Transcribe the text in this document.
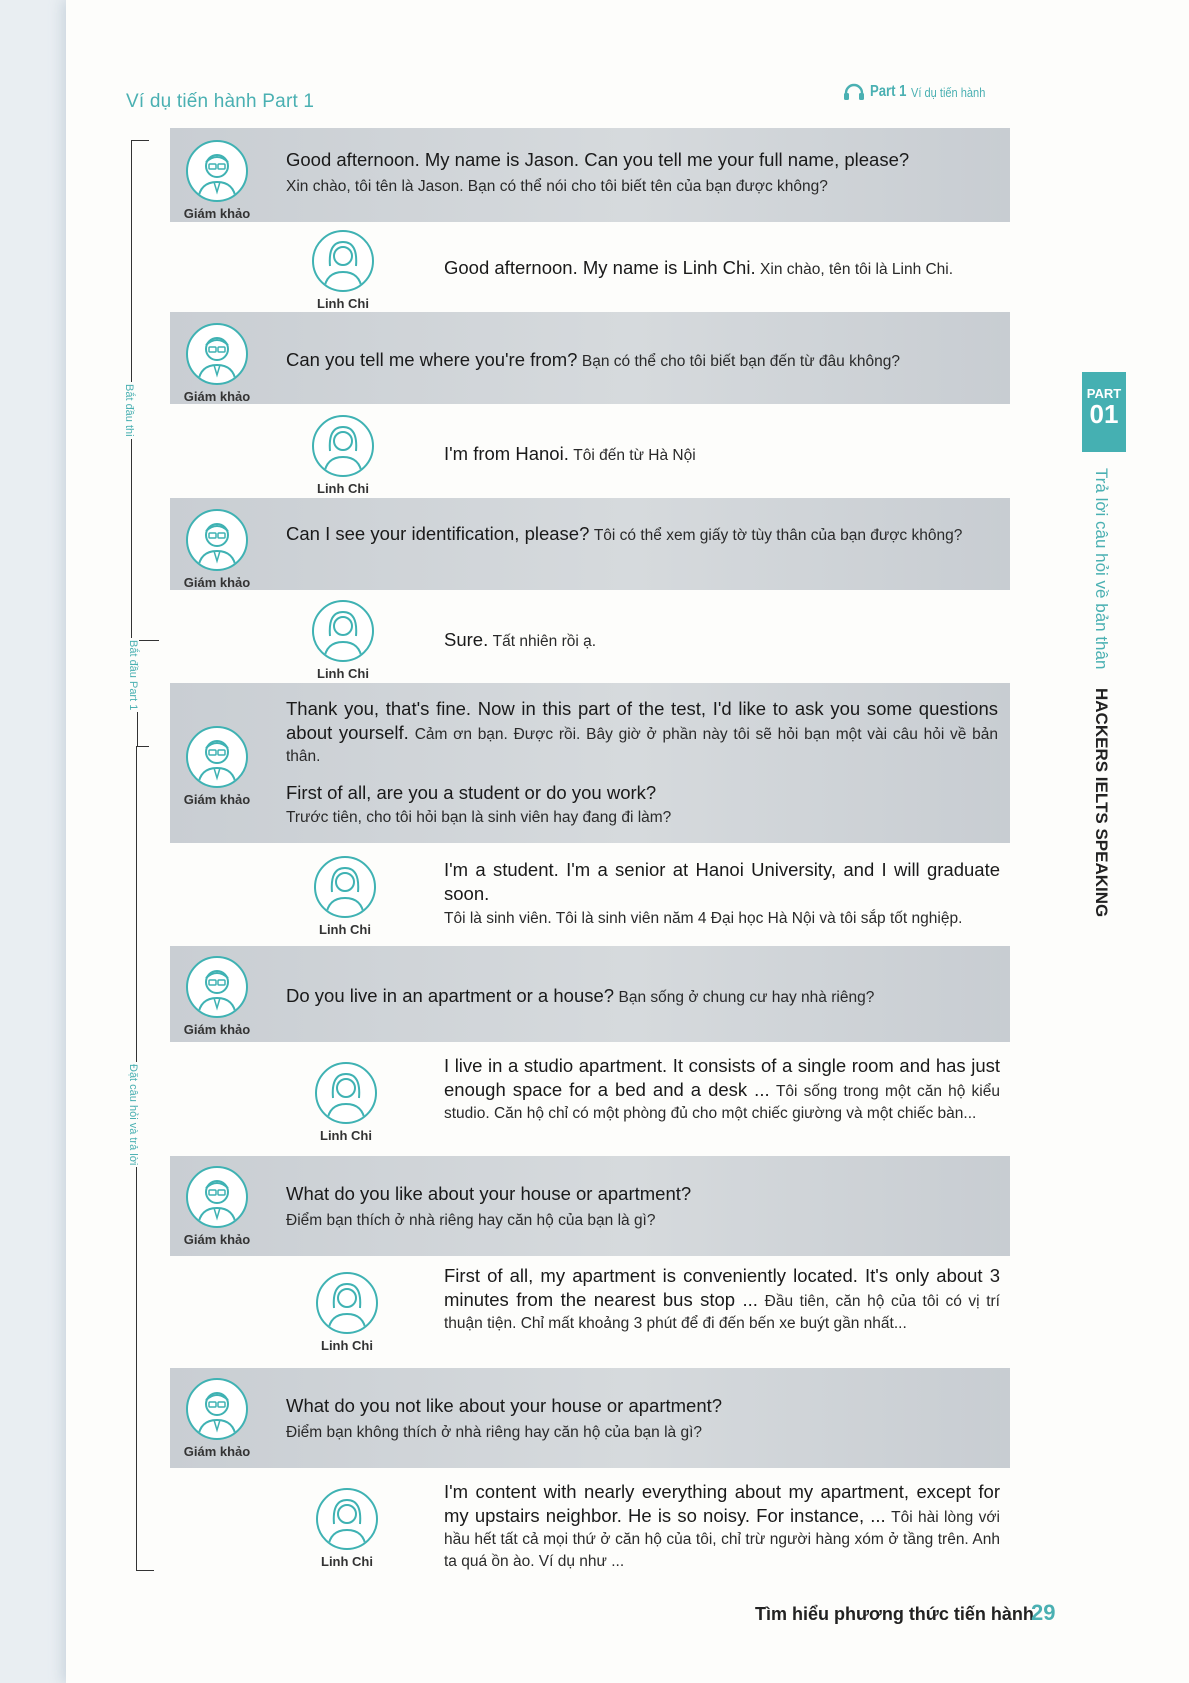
Ví dụ tiến hành Part 1	Part 1 Ví dụ tiến hành
Bắt đầu thi
Bắt đầu Part 1
Đặt câu hỏi và trả lời
Giám khảo
Good afternoon. My name is Jason. Can you tell me your full name, please?
Xin chào, tôi tên là Jason. Bạn có thể nói cho tôi biết tên của bạn được không?
Linh Chi
Good afternoon. My name is Linh Chi. Xin chào, tên tôi là Linh Chi.
Giám khảo
Can you tell me where you're from? Bạn có thể cho tôi biết bạn đến từ đâu không?
Linh Chi
I'm from Hanoi. Tôi đến từ Hà Nội
Giám khảo
Can I see your identification, please? Tôi có thể xem giấy tờ tùy thân của bạn được không?
Linh Chi
Sure. Tất nhiên rồi ạ.
Giám khảo
Thank you, that's fine. Now in this part of the test, I'd like to ask you some questions about yourself. Cảm ơn bạn. Được rồi. Bây giờ ở phần này tôi sẽ hỏi bạn một vài câu hỏi về bản thân.
First of all, are you a student or do you work?
Trước tiên, cho tôi hỏi bạn là sinh viên hay đang đi làm?
Linh Chi
I'm a student. I'm a senior at Hanoi University, and I will graduate soon.
Tôi là sinh viên. Tôi là sinh viên năm 4 Đại học Hà Nội và tôi sắp tốt nghiệp.
Giám khảo
Do you live in an apartment or a house? Bạn sống ở chung cư hay nhà riêng?
Linh Chi
I live in a studio apartment. It consists of a single room and has just enough space for a bed and a desk ... Tôi sống trong một căn hộ kiểu studio. Căn hộ chỉ có một phòng đủ cho một chiếc giường và một chiếc bàn...
Giám khảo
What do you like about your house or apartment?
Điểm bạn thích ở nhà riêng hay căn hộ của bạn là gì?
Linh Chi
First of all, my apartment is conveniently located. It's only about 3 minutes from the nearest bus stop ... Đầu tiên, căn hộ của tôi có vị trí thuận tiện. Chỉ mất khoảng 3 phút để đi đến bến xe buýt gần nhất...
Giám khảo
What do you not like about your house or apartment?
Điểm bạn không thích ở nhà riêng hay căn hộ của bạn là gì?
Linh Chi
I'm content with nearly everything about my apartment, except for my upstairs neighbor. He is so noisy. For instance, ... Tôi hài lòng với hầu hết tất cả mọi thứ ở căn hộ của tôi, chỉ trừ người hàng xóm ở tầng trên. Anh ta quá ồn ào. Ví dụ như ...
PART
01
Trả lời câu hỏi về bản thân HACKERS IELTS SPEAKING
Tìm hiểu phương thức tiến hành
29
